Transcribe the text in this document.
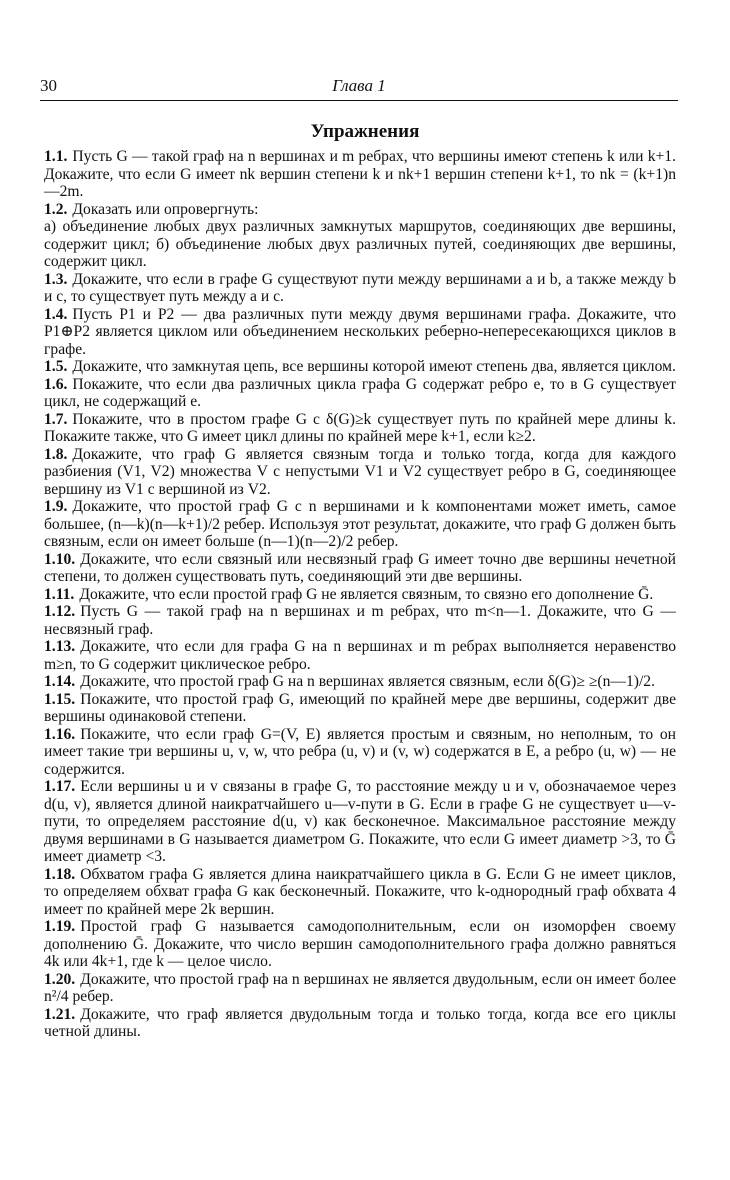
30	Глава 1
Упражнения

1.1. Пусть G — такой граф на n вершинах и m ребрах, что вершины имеют степень k или k+1. Докажите, что если G имеет nk вершин степени k и nk+1 вершин степени k+1, то nk = (k+1)n—2m.

1.2. Доказать или опровергнуть:
а) объединение любых двух различных замкнутых маршрутов, соединяющих две вершины, содержит цикл; б) объединение любых двух различных путей, соединяющих две вершины, содержит цикл.

1.3. Докажите, что если в графе G существуют пути между вершинами a и b, а также между b и c, то существует путь между a и c.

1.4. Пусть P1 и P2 — два различных пути между двумя вершинами графа. Докажите, что P1⊕P2 является циклом или объединением нескольких реберно-непересекающихся циклов в графе.

1.5. Докажите, что замкнутая цепь, все вершины которой имеют степень два, является циклом.

1.6. Покажите, что если два различных цикла графа G содержат ребро e, то в G существует цикл, не содержащий e.

1.7. Покажите, что в простом графе G с δ(G)≥k существует путь по крайней мере длины k. Покажите также, что G имеет цикл длины по крайней мере k+1, если k≥2.

1.8. Докажите, что граф G является связным тогда и только тогда, когда для каждого разбиения (V1, V2) множества V с непустыми V1 и V2 существует ребро в G, соединяющее вершину из V1 с вершиной из V2.

1.9. Докажите, что простой граф G с n вершинами и k компонентами может иметь, самое большее, (n—k)(n—k+1)/2 ребер. Используя этот результат, докажите, что граф G должен быть связным, если он имеет больше (n—1)(n—2)/2 ребер.

1.10. Докажите, что если связный или несвязный граф G имеет точно две вершины нечетной степени, то должен существовать путь, соединяющий эти две вершины.

1.11. Докажите, что если простой граф G не является связным, то связно его дополнение Ḡ.

1.12. Пусть G — такой граф на n вершинах и m ребрах, что m<n—1. Докажите, что G — несвязный граф.

1.13. Докажите, что если для графа G на n вершинах и m ребрах выполняется неравенство m≥n, то G содержит циклическое ребро.

1.14. Докажите, что простой граф G на n вершинах является связным, если δ(G)≥ ≥(n—1)/2.

1.15. Покажите, что простой граф G, имеющий по крайней мере две вершины, содержит две вершины одинаковой степени.

1.16. Покажите, что если граф G=(V, E) является простым и связным, но неполным, то он имеет такие три вершины u, v, w, что ребра (u, v) и (v, w) содержатся в E, а ребро (u, w) — не содержится.

1.17. Если вершины u и v связаны в графе G, то расстояние между u и v, обозначаемое через d(u, v), является длиной наикратчайшего u—v-пути в G. Если в графе G не существует u—v-пути, то определяем расстояние d(u, v) как бесконечное. Максимальное расстояние между двумя вершинами в G называется диаметром G. Покажите, что если G имеет диаметр >3, то Ḡ имеет диаметр <3.

1.18. Обхватом графа G является длина наикратчайшего цикла в G. Если G не имеет циклов, то определяем обхват графа G как бесконечный. Покажите, что k-однородный граф обхвата 4 имеет по крайней мере 2k вершин.

1.19. Простой граф G называется самодополнительным, если он изоморфен своему дополнению Ḡ. Докажите, что число вершин самодополнительного графа должно равняться 4k или 4k+1, где k — целое число.

1.20. Докажите, что простой граф на n вершинах не является двудольным, если он имеет более n²/4 ребер.

1.21. Докажите, что граф является двудольным тогда и только тогда, когда все его циклы четной длины.
